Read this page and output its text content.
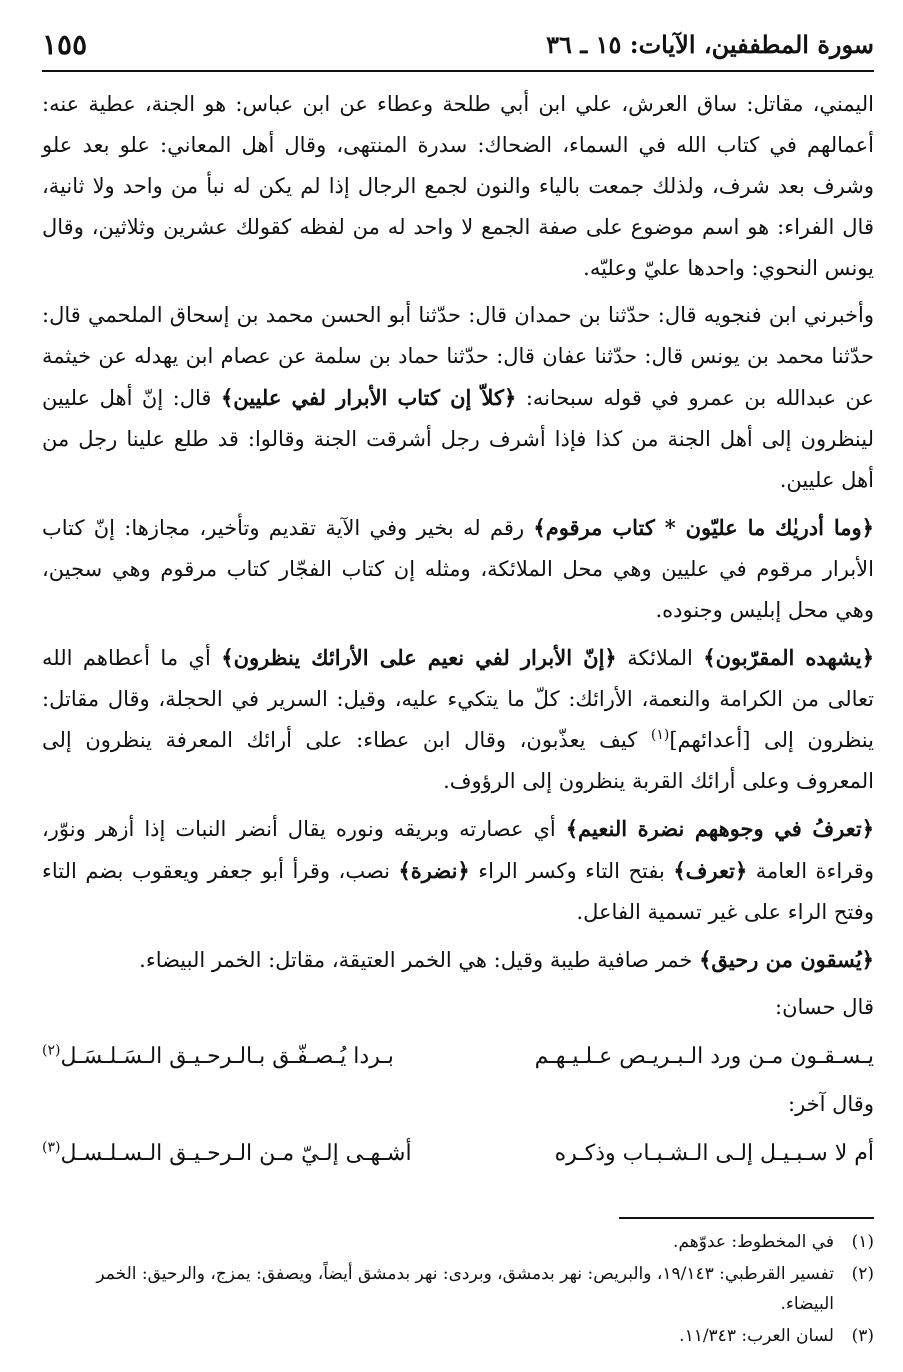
سورة المطففين، الآيات: ١٥ ـ ٣٦
١٥٥

اليمني، مقاتل: ساق العرش، علي ابن أبي طلحة وعطاء عن ابن عباس: هو الجنة، عطية عنه: أعمالهم في كتاب الله في السماء، الضحاك: سدرة المنتهى، وقال أهل المعاني: علو بعد علو وشرف بعد شرف، ولذلك جمعت بالياء والنون لجمع الرجال إذا لم يكن له نبأ من واحد ولا ثانية، قال الفراء: هو اسم موضوع على صفة الجمع لا واحد له من لفظه كقولك عشرين وثلاثين، وقال يونس النحوي: واحدها عليّ وعليّه.

وأخبرني ابن فنجويه قال: حدّثنا بن حمدان قال: حدّثنا أبو الحسن محمد بن إسحاق الملحمي قال: حدّثنا محمد بن يونس قال: حدّثنا عفان قال: حدّثنا حماد بن سلمة عن عصام ابن يهدله عن خيثمة عن عبدالله بن عمرو في قوله سبحانه: ﴿كلاّ إن كتاب الأبرار لفي عليين﴾ قال: إنّ أهل عليين لينظرون إلى أهل الجنة من كذا فإذا أشرف رجل أشرقت الجنة وقالوا: قد طلع علينا رجل من أهل عليين.

﴿وما أدريٰك ما عليّون * كتاب مرقوم﴾ رقم له بخير وفي الآية تقديم وتأخير، مجازها: إنّ كتاب الأبرار مرقوم في عليين وهي محل الملائكة، ومثله إن كتاب الفجّار كتاب مرقوم وهي سجين، وهي محل إبليس وجنوده.

﴿يشهده المقرّبون﴾ الملائكة ﴿إنّ الأبرار لفي نعيم على الأرائك ينظرون﴾ أي ما أعطاهم الله تعالى من الكرامة والنعمة، الأرائك: كلّ ما يتكيء عليه، وقيل: السرير في الحجلة، وقال مقاتل: ينظرون إلى [أعدائهم]$^{(١)}$ كيف يعذّبون، وقال ابن عطاء: على أرائك المعرفة ينظرون إلى المعروف وعلى أرائك القربة ينظرون إلى الرؤوف.

﴿تعرفُ في وجوههم نضرة النعيم﴾ أي عصارته وبريقه ونوره يقال أنضر النبات إذا أزهر ونوّر، وقراءة العامة ﴿تعرف﴾ بفتح التاء وكسر الراء ﴿نضرة﴾ نصب، وقرأ أبو جعفر ويعقوب بضم التاء وفتح الراء على غير تسمية الفاعل.

﴿يُسقون من رحيق﴾ خمر صافية طيبة وقيل: هي الخمر العتيقة، مقاتل: الخمر البيضاء.

قال حسان:

يـسـقـون مـن ورد الـبـريـص عـلـيـهـم
بـردا يُـصـفّـق بـالـرحـيـق الـسَـلـسَـل$^{(٢)}$

وقال آخر:

أم لا سـبـيـل إلـى الـشـبـاب وذكـره
أشـهـى إلـيّ مـن الـرحـيـق الـسـلـسـل$^{(٣)}$
(١)
في المخطوط: عدوّهم.
(٢)
تفسير القرطبي: ١٩/١٤٣، والبريص: نهر بدمشق، وبردى: نهر بدمشق أيضاً، ويصفق: يمزج، والرحيق: الخمر البيضاء.
(٣)
لسان العرب: ١١/٣٤٣.
